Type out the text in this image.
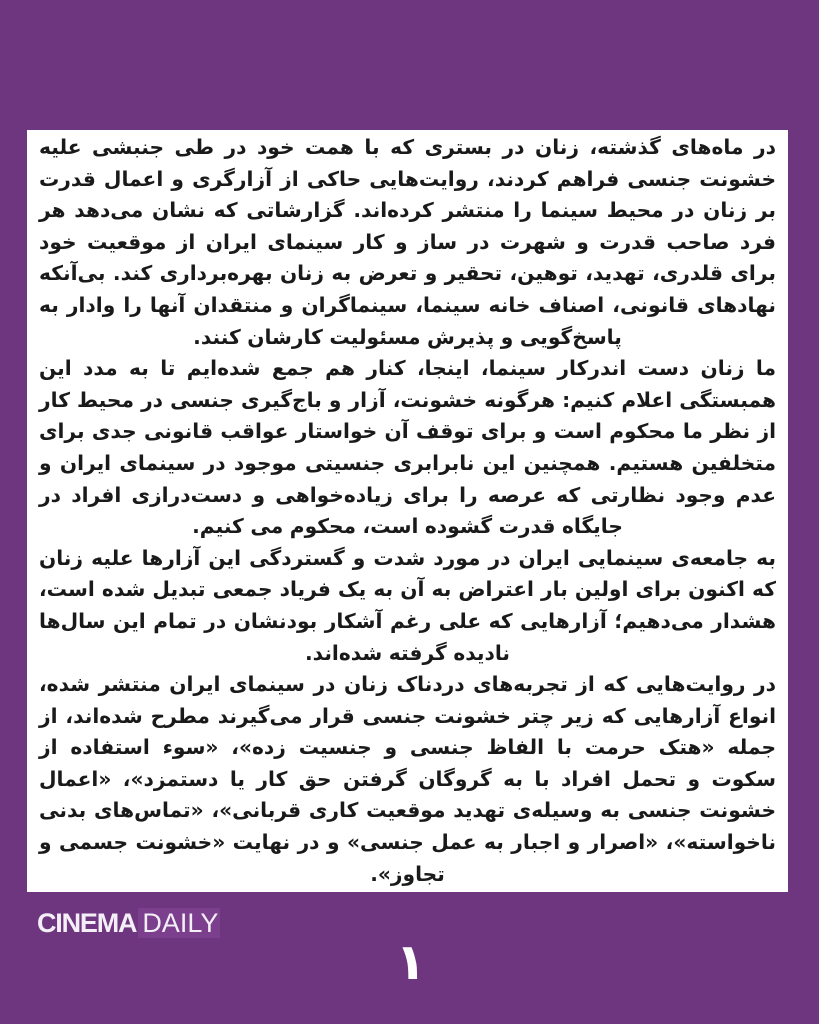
در ماه‌های گذشته، زنان در بستری که با همت خود در طی جنبشی علیه خشونت جنسی فراهم کردند، روایت‌هایی حاکی از آزارگری و اعمال قدرت بر زنان در محیط سینما را منتشر کرده‌اند. گزارشاتی که نشان می‌دهد هر فرد صاحب قدرت و شهرت در ساز و کار سینمای ایران از موقعیت خود برای قلدری، تهدید، توهین، تحقیر و تعرض به زنان بهره‌برداری کند. بی‌آنکه نهادهای قانونی، اصناف خانه سینما، سینماگران و منتقدان آنها را وادار به پاسخ‌گویی و پذیرش مسئولیت کارشان کنند.
ما زنان دست اندرکار سینما، اینجا، کنار هم جمع شده‌ایم تا به مدد این همبستگی اعلام کنیم: هرگونه خشونت، آزار و باج‌گیری جنسی در محیط کار از نظر ما محکوم است و برای توقف آن خواستار عواقب قانونی جدی برای متخلفین هستیم. همچنین این نابرابری جنسیتی موجود در سینمای ایران و عدم وجود نظارتی که عرصه را برای زیاده‌خواهی و دست‌درازی افراد در جایگاه قدرت گشوده است، محکوم می کنیم.
به جامعه‌ی سینمایی ایران در مورد شدت و گستردگی این آزارها علیه زنان که اکنون برای اولین بار اعتراض به آن به یک فریاد جمعی تبدیل شده است، هشدار می‌دهیم؛ آزارهایی که علی رغم آشکار بودنشان در تمام این سال‌ها نادیده گرفته شده‌اند.
در روایت‌هایی که از تجربه‌های دردناک زنان در سینمای ایران منتشر شده، انواع آزارهایی که زیر چتر خشونت جنسی قرار می‌گیرند مطرح شده‌اند، از جمله «هتک حرمت با الفاظ جنسی و جنسیت زده»، «سوء استفاده از سکوت و تحمل افراد با به گروگان گرفتن حق کار یا دستمزد»، «اعمال خشونت جنسی به وسیله‌ی تهدید موقعیت کاری قربانی»، «تماس‌های بدنی ناخواسته»، «اصرار و اجبار به عمل جنسی» و در نهایت «خشونت جسمی و تجاوز».
CINEMA DAILY
۱
